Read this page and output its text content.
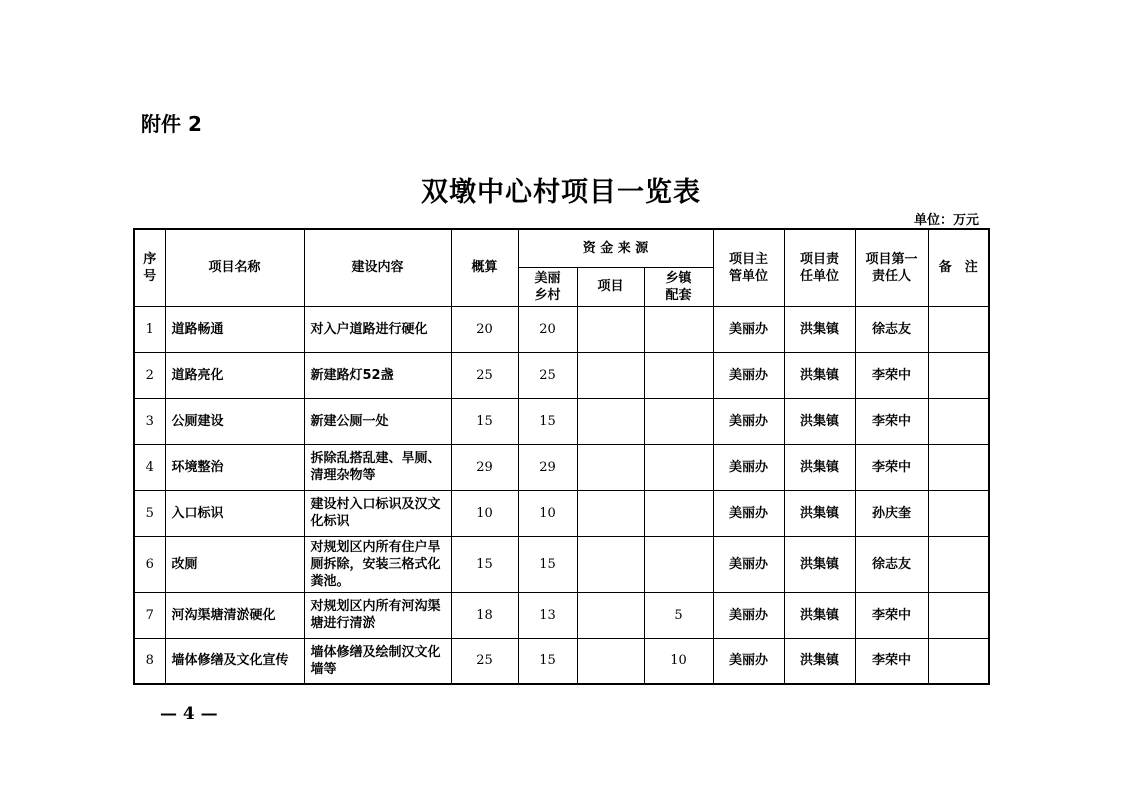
附件 2
双墩中心村项目一览表
单位：万元
序号	项目名称	建设内容	概算	资 金 来 源			项目主管单位	项目责任单位	项目第一责任人	备　注
				美丽乡村	项目	乡镇配套				
1	道路畅通	对入户道路进行硬化	20	20			美丽办	洪集镇	徐志友	
2	道路亮化	新建路灯52盏	25	25			美丽办	洪集镇	李荣中	
3	公厕建设	新建公厕一处	15	15			美丽办	洪集镇	李荣中	
4	环境整治	拆除乱搭乱建、旱厕、清理杂物等	29	29			美丽办	洪集镇	李荣中	
5	入口标识	建设村入口标识及汉文化标识	10	10			美丽办	洪集镇	孙庆奎	
6	改厕	对规划区内所有住户旱厕拆除，安装三格式化粪池。	15	15			美丽办	洪集镇	徐志友	
7	河沟渠塘清淤硬化	对规划区内所有河沟渠塘进行清淤	18	13		5	美丽办	洪集镇	李荣中	
8	墙体修缮及文化宣传	墙体修缮及绘制汉文化墙等	25	15		10	美丽办	洪集镇	李荣中	
— 4 —
